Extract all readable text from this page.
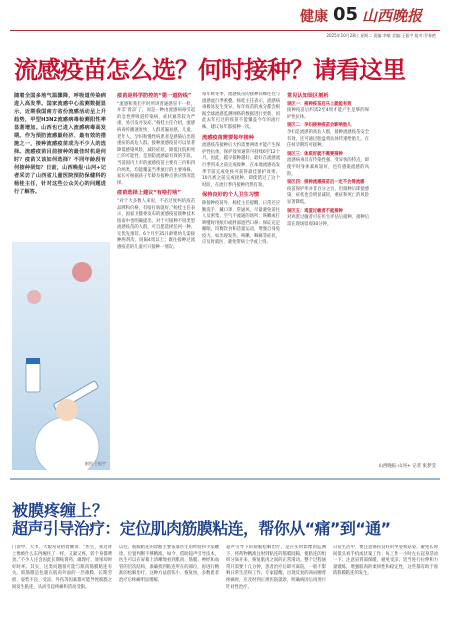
健康 05 山西晚报
2025年10月28日 星期二 责编:李敏 美编:王振宇 组对:乔春艳
流感疫苗怎么选？何时接种？请看这里
随着全国多地气温骤降，呼吸道传染病进入高发季。国家流感中心监测数据显示，近期我国南方省份流感活动呈上升趋势，甲型H3N2流感病毒检测阳性率显著增加。山西也已进入流感病毒高发期。作为预防流感最经济、最有效的措施之一，接种流感疫苗成为不少人的选择。流感疫苗目前接种的最佳时机是何时？疫苗又该如何选择？不同年龄段有何接种须知？日前，山西晚报·山河+记者采访了山西省儿童医院预防保健科的杨桂主任，针对这些公众关心的问题进行了解答。
制图 王振宇
疫苗是科学防控的“第一道防线”
“流感和我们平时所讲普通感冒不一样，并非‘着凉’了，而是一种由流感病毒引起的急性呼吸道传染病，症状通常较为严重，易引发并发症。”杨桂主任介绍，流感病毒传播速度快，人群普遍易感，儿童、老年人、孕妇和慢性病患者是感染后出现重症的高危人群。接种流感疫苗可以显著降低感染风险，减轻症状，降低住院和死亡的可能性，是预防流感最有效的手段。当前国内上市的流感疫苗主要有三价和四价两类，均能覆盖当季流行的主要毒株，家长可根据孩子年龄及接种点供应情况选择。
疫苗选择上建议“有啥打啥”
“对于大多数人来说，不必过度纠结疫苗品牌和价格，有啥打啥就好。”杨桂主任表示，国家卫健委发布的流感疫苗接种技术指南中也明确提出，对于可接种不同类型流感疫苗的人群，可自愿选择任何一种，无优先推荐。6个月至35月龄婴幼儿需接种两剂次，间隔4周以上；既往接种过流感疫苗的儿童可只接种一剂次。
每年秋冬季，流感疫苗的接种高峰往往与流感流行季重叠。杨桂主任表示，流感病毒极易发生变异，每年疫苗的成分都会根据全球流感监测网络的数据进行更新，因此去年打过的疫苗不能覆盖今年的流行株，建议每年都接种一次。
流感疫苗需要每年接种
流感疫苗接种后大约需要两周才能产生保护性抗体，保护效果通常可持续6至12个月。因此，越早接种越好，最好在流感流行季到来之前完成接种，在本地流感高发季节前完成免疫可获得最佳保护效果。10月底之前完成接种，即使错过了这个时段，在流行季内接种仍然有效。
保持良好的个人卫生习惯
除接种疫苗外，杨桂主任提醒，日常还应勤洗手、戴口罩、常通风，尽量避免前往人员密集、空气不流通的场所；咳嗽或打喷嚏时用纸巾或肘部遮挡口鼻；保证充足睡眠、均衡饮食和适量运动，增强自身免疫力。如出现发热、咳嗽、咽痛等症状，应及时就医，避免带病上学或上班。
常见认知误区剖析
误区一：接种疫苗后马上就能有效
接种疫苗后约需2至4周才能产生足够的保护性抗体。
误区二：孕妇接种疫苗会影响胎儿
孕妇是流感的高危人群，接种流感疫苗安全有效，还可通过胎盘将抗体传递给胎儿，在任何孕期均可接种。
误区三：体质好就不需要接种
流感病毒具有传染性强、变异快的特点，即使平时身体素质较好，也有感染流感的风险。
误区四：接种流感疫苗后一定不会得流感
疫苗保护率并非百分之百，但接种后即使感染，症状也会明显减轻，重症和死亡的风险显著降低。
误区五：鸡蛋过敏者不能接种
对鸡蛋过敏者可在医生评估后接种，接种后需在现场留观30分钟。
山西晚报·山河+ 记者 张梦莹
被膜疼缠上？
超声引导治疗：定位肌肉筋膜粘连，帮你从“痛”到“通”
门诊中，大爷、大娘常常捂着腰说：“医生，我这背上像被什么东西缠住了一样，又紧又疼，转个身都费劲。”不少人还会因此长期贴膏药、做理疗，效果却时好时坏。其实，这类问题很可能与肌肉筋膜粘连有关。肌筋膜是包裹在肌肉外面的一层薄膜，长期劳损、姿势不良、受凉、外伤等因素都可能导致筋膜之间发生粘连，从而引起疼痛和活动受限。
以往，筋膜粘连的诊断主要依靠医生的经验和手法触诊，位置判断不够精准。如今，借助超声引导技术，医生可以在屏幕上清晰地看到肌肉、筋膜、神经和血管的层次结构，准确找到粘连所在的部位，再进行精准的松解治疗。这种方法创伤小、恢复快，多数患者治疗后疼痛明显缓解。
超声引导下的筋膜松解治疗，是在实时影像的监测下，将药物精准注射到粘连的筋膜间隙，使粘连的组织分离开来，恢复肌肉之间的正常滑动。整个过程通常只需要十几分钟，患者治疗后即可离院，一般不影响日常生活和工作。专家提醒，出现反复的颈肩腰背疼痛时，应及时到正规医院就诊，明确病因后再进行针对性治疗。
日常生活中，要注意保持良好的坐姿和站姿，避免长时间低头看手机或伏案工作；每工作一小时左右起身活动一下；注意肩背部保暖，避免受凉；适当进行拉伸和力量锻炼，增强肌肉的柔韧性和稳定性，这些都有助于预防筋膜粘连的发生。
